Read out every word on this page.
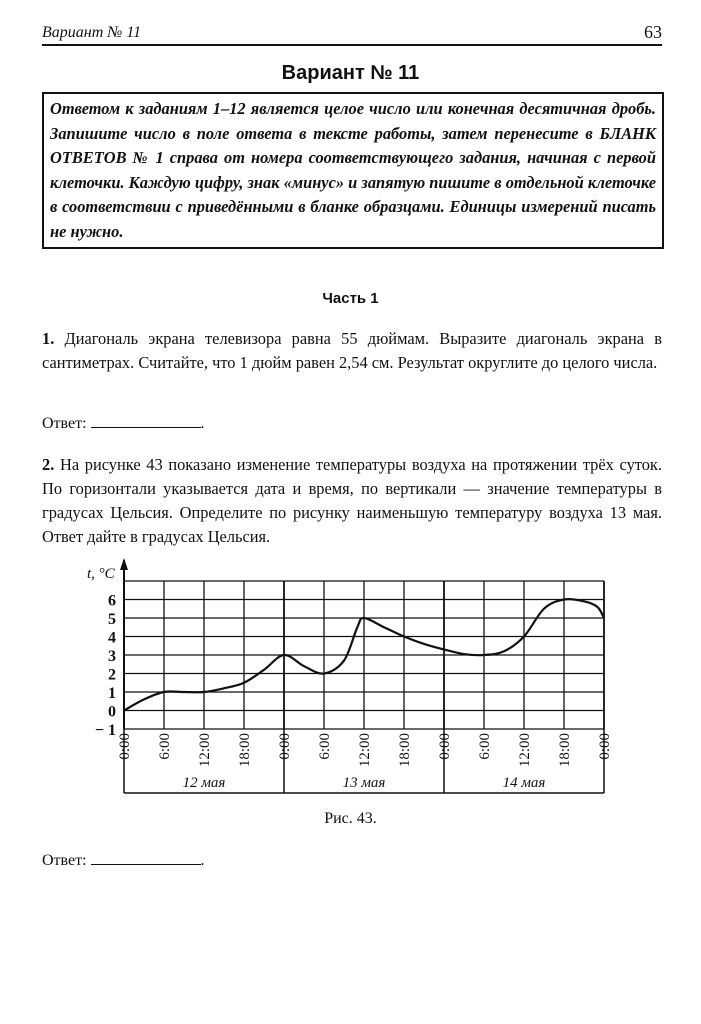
Вариант № 11	63
Вариант № 11
Ответом к заданиям 1–12 является целое число или конечная десятичная дробь. Запишите число в поле ответа в тексте работы, затем перенесите в БЛАНК ОТВЕТОВ № 1 справа от номера соответствующего задания, начиная с первой клеточки. Каждую цифру, знак «минус» и запятую пишите в отдельной клеточке в соответствии с приведёнными в бланке образцами. Единицы измерений писать не нужно.
Часть 1
1. Диагональ экрана телевизора равна 55 дюймам. Выразите диагональ экрана в сантиметрах. Считайте, что 1 дюйм равен 2,54 см. Результат округлите до целого числа.
Ответ:	.
2. На рисунке 43 показано изменение температуры воздуха на протяжении трёх суток. По горизонтали указывается дата и время, по вертикали — значение температуры в градусах Цельсия. Определите по рисунку наименьшую температуру воздуха 13 мая. Ответ дайте в градусах Цельсия.
6
5
4
3
2
1
0
− 1
0:00 6:00 12:00 18:00 0:00 6:00 12:00 18:00 0:00 6:00 12:00 18:00 0:00
12 мая	13 мая	14 мая
t, °C
Рис. 43.
Ответ:	.
